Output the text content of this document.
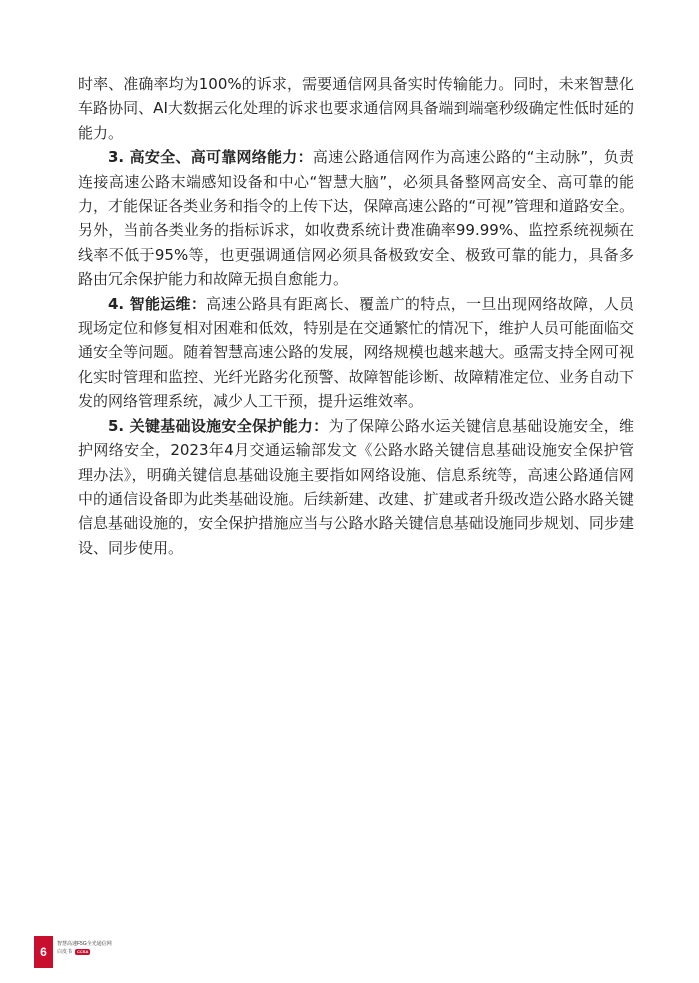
时率、准确率均为100%的诉求，需要通信网具备实时传输能力。同时，未来智慧化车路协同、AI大数据云化处理的诉求也要求通信网具备端到端毫秒级确定性低时延的能力。

3. 高安全、高可靠网络能力：高速公路通信网作为高速公路的“主动脉”，负责连接高速公路末端感知设备和中心“智慧大脑”，必须具备整网高安全、高可靠的能力，才能保证各类业务和指令的上传下达，保障高速公路的“可视”管理和道路安全。另外，当前各类业务的指标诉求，如收费系统计费准确率99.99%、监控系统视频在线率不低于95%等，也更强调通信网必须具备极致安全、极致可靠的能力，具备多路由冗余保护能力和故障无损自愈能力。

4. 智能运维：高速公路具有距离长、覆盖广的特点，一旦出现网络故障，人员现场定位和修复相对困难和低效，特别是在交通繁忙的情况下，维护人员可能面临交通安全等问题。随着智慧高速公路的发展，网络规模也越来越大。亟需支持全网可视化实时管理和监控、光纤光路劣化预警、故障智能诊断、故障精准定位、业务自动下发的网络管理系统，减少人工干预，提升运维效率。

5. 关键基础设施安全保护能力：为了保障公路水运关键信息基础设施安全，维护网络安全，2023年4月交通运输部发文《公路水路关键信息基础设施安全保护管理办法》，明确关键信息基础设施主要指如网络设施、信息系统等，高速公路通信网中的通信设备即为此类基础设施。后续新建、改建、扩建或者升级改造公路水路关键信息基础设施的，安全保护措施应当与公路水路关键信息基础设施同步规划、同步建设、同步使用。

6
智慧高速F5G全光通信网
白皮书	CCSA
